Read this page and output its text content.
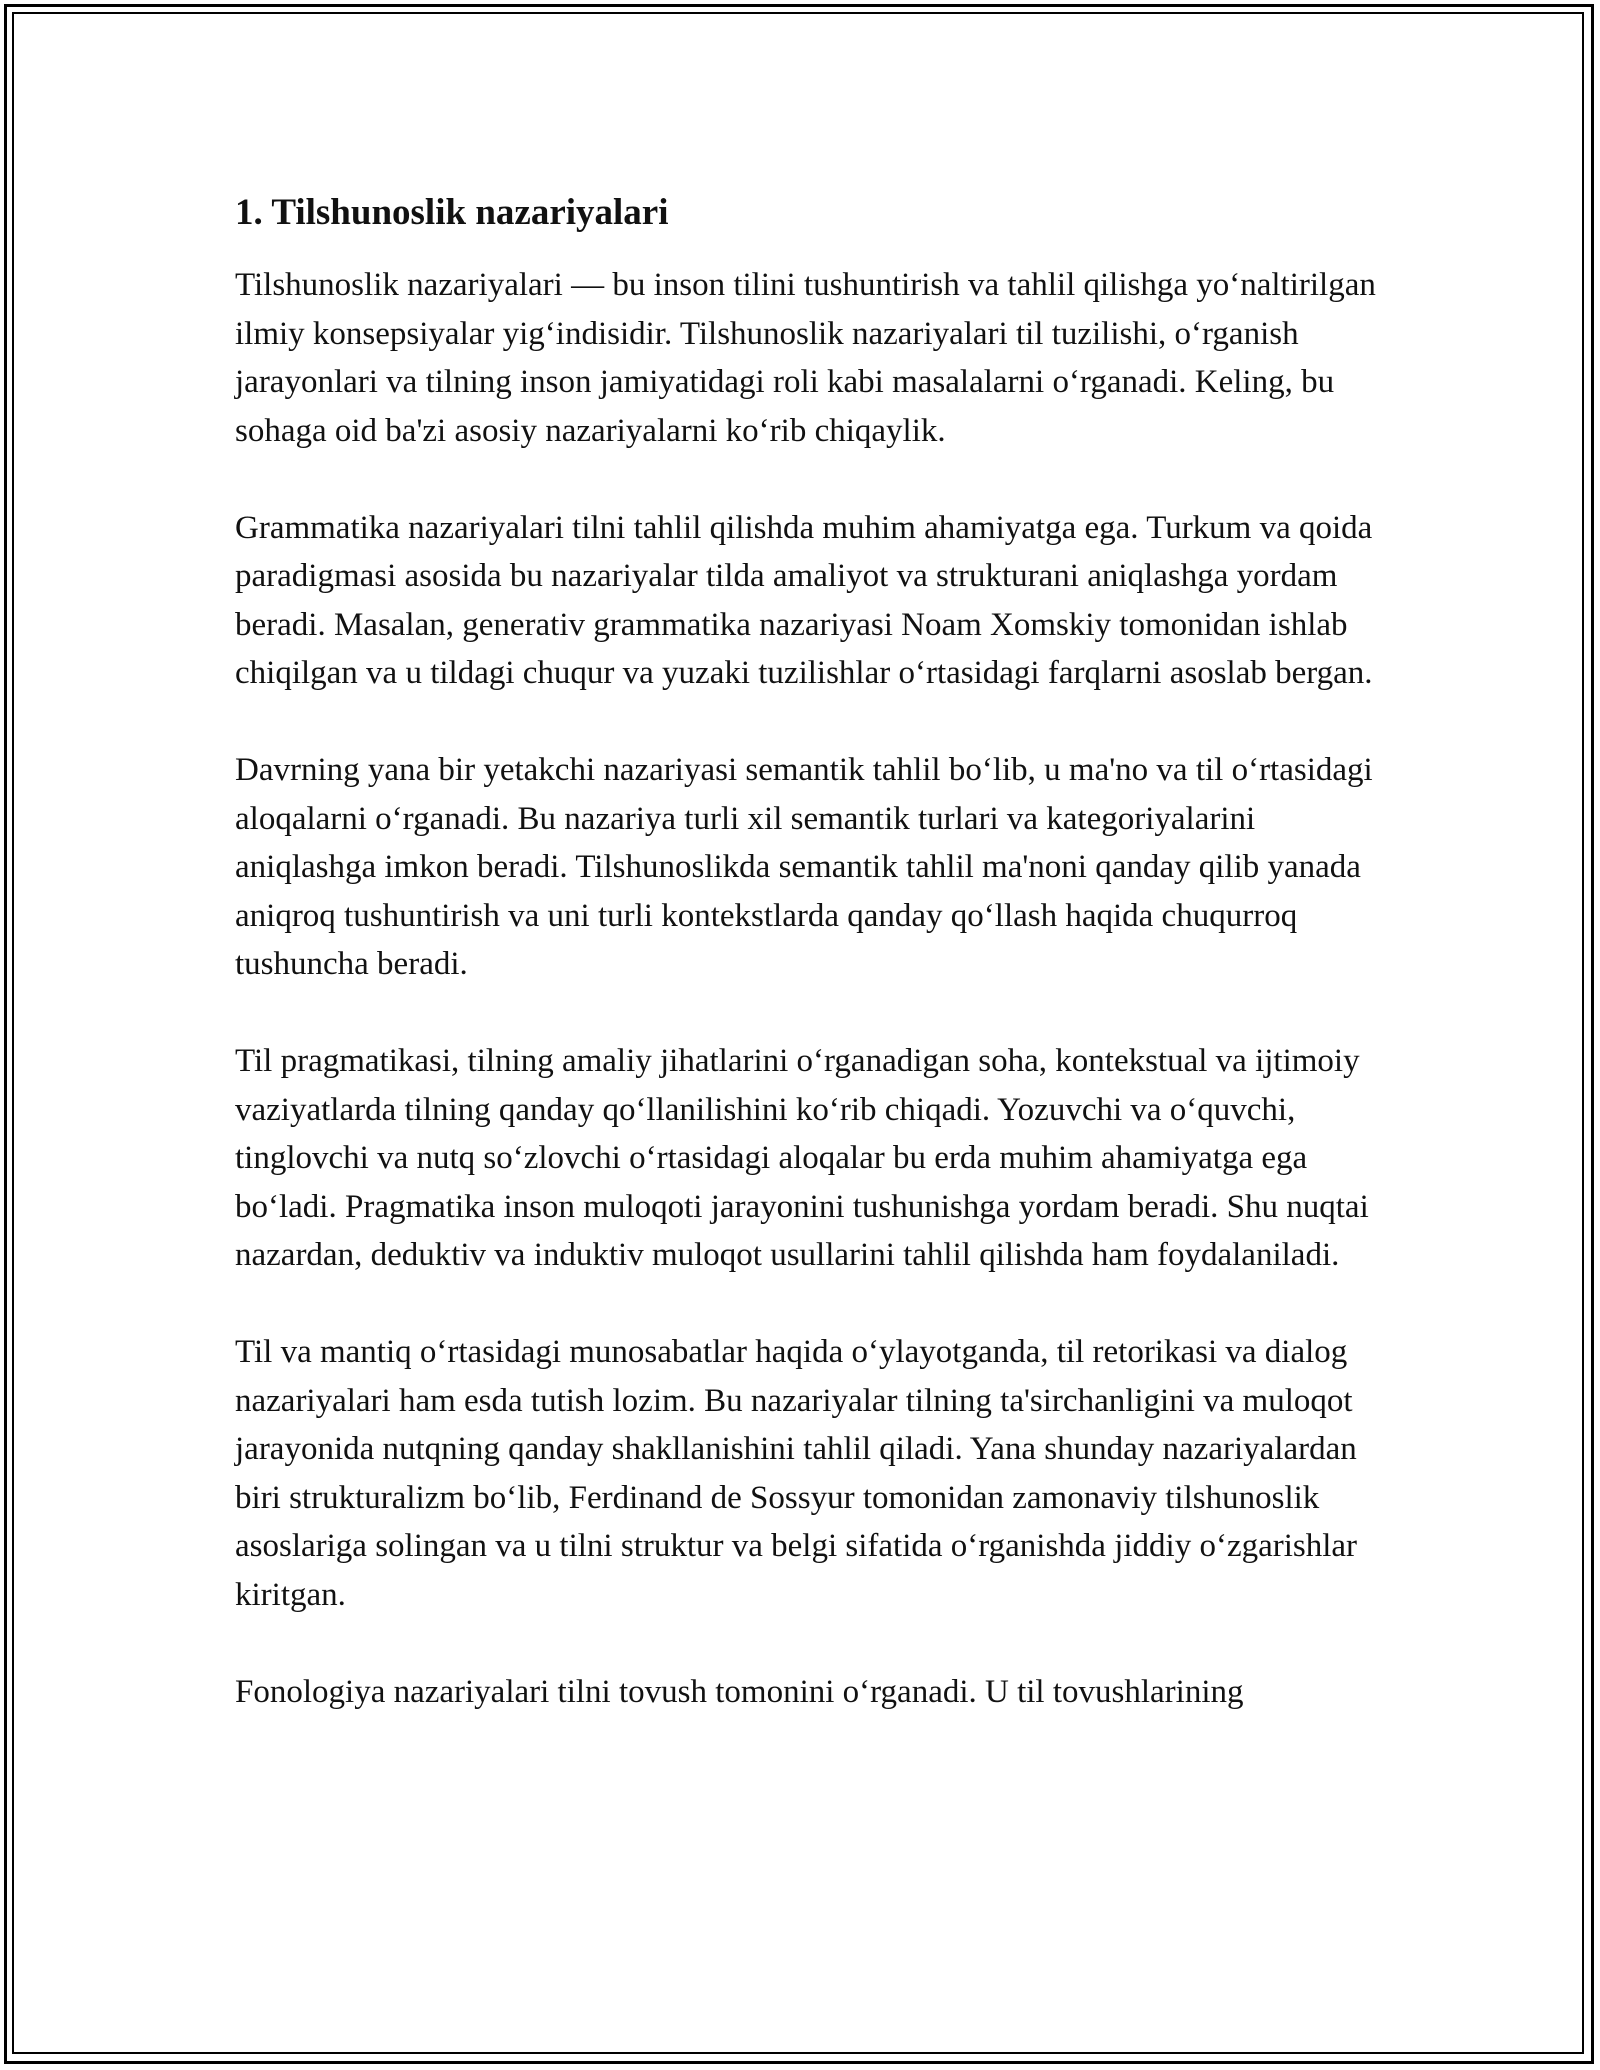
1. Tilshunoslik nazariyalari

Tilshunoslik nazariyalari — bu inson tilini tushuntirish va tahlil qilishga yo‘naltirilgan ilmiy konsepsiyalar yig‘indisidir. Tilshunoslik nazariyalari til tuzilishi, o‘rganish jarayonlari va tilning inson jamiyatidagi roli kabi masalalarni o‘rganadi. Keling, bu sohaga oid ba'zi asosiy nazariyalarni ko‘rib chiqaylik.

Grammatika nazariyalari tilni tahlil qilishda muhim ahamiyatga ega. Turkum va qoida paradigmasi asosida bu nazariyalar tilda amaliyot va strukturani aniqlashga yordam beradi. Masalan, generativ grammatika nazariyasi Noam Xomskiy tomonidan ishlab chiqilgan va u tildagi chuqur va yuzaki tuzilishlar o‘rtasidagi farqlarni asoslab bergan.

Davrning yana bir yetakchi nazariyasi semantik tahlil bo‘lib, u ma'no va til o‘rtasidagi aloqalarni o‘rganadi. Bu nazariya turli xil semantik turlari va kategoriyalarini aniqlashga imkon beradi. Tilshunoslikda semantik tahlil ma'noni qanday qilib yanada aniqroq tushuntirish va uni turli kontekstlarda qanday qo‘llash haqida chuqurroq tushuncha beradi.

Til pragmatikasi, tilning amaliy jihatlarini o‘rganadigan soha, kontekstual va ijtimoiy vaziyatlarda tilning qanday qo‘llanilishini ko‘rib chiqadi. Yozuvchi va o‘quvchi, tinglovchi va nutq so‘zlovchi o‘rtasidagi aloqalar bu erda muhim ahamiyatga ega bo‘ladi. Pragmatika inson muloqoti jarayonini tushunishga yordam beradi. Shu nuqtai nazardan, deduktiv va induktiv muloqot usullarini tahlil qilishda ham foydalaniladi.

Til va mantiq o‘rtasidagi munosabatlar haqida o‘ylayotganda, til retorikasi va dialog nazariyalari ham esda tutish lozim. Bu nazariyalar tilning ta'sirchanligini va muloqot jarayonida nutqning qanday shakllanishini tahlil qiladi. Yana shunday nazariyalardan biri strukturalizm bo‘lib, Ferdinand de Sossyur tomonidan zamonaviy tilshunoslik asoslariga solingan va u tilni struktur va belgi sifatida o‘rganishda jiddiy o‘zgarishlar kiritgan.

Fonologiya nazariyalari tilni tovush tomonini o‘rganadi. U til tovushlarining
